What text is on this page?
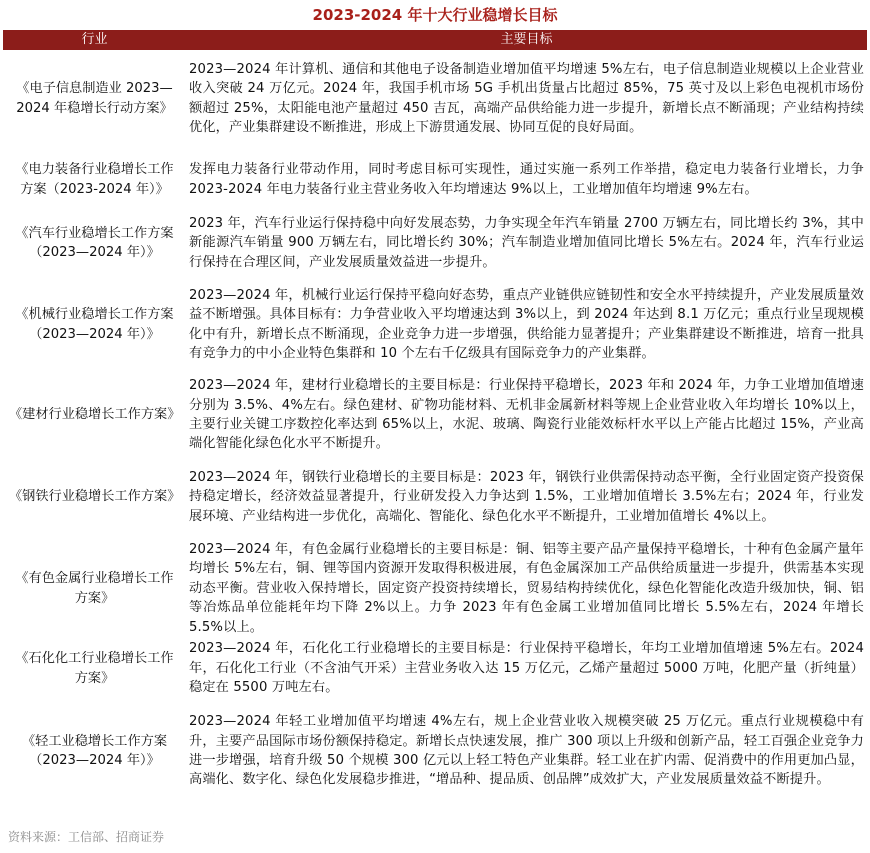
2023-2024 年十大行业稳增长目标
行业	主要目标
《电子信息制造业 2023—2024 年稳增长行动方案》	2023—2024 年计算机、通信和其他电子设备制造业增加值平均增速 5%左右，电子信息制造业规模以上企业营业收入突破 24 万亿元。2024 年，我国手机市场 5G 手机出货量占比超过 85%，75 英寸及以上彩色电视机市场份额超过 25%，太阳能电池产量超过 450 吉瓦，高端产品供给能力进一步提升，新增长点不断涌现；产业结构持续优化，产业集群建设不断推进，形成上下游贯通发展、协同互促的良好局面。
《电力装备行业稳增长工作方案（2023-2024 年）》	发挥电力装备行业带动作用，同时考虑目标可实现性，通过实施一系列工作举措，稳定电力装备行业增长，力争 2023-2024 年电力装备行业主营业务收入年均增速达 9%以上，工业增加值年均增速 9%左右。
《汽车行业稳增长工作方案（2023—2024 年）》	2023 年，汽车行业运行保持稳中向好发展态势，力争实现全年汽车销量 2700 万辆左右，同比增长约 3%，其中新能源汽车销量 900 万辆左右，同比增长约 30%；汽车制造业增加值同比增长 5%左右。2024 年，汽车行业运行保持在合理区间，产业发展质量效益进一步提升。
《机械行业稳增长工作方案（2023—2024 年）》	2023—2024 年，机械行业运行保持平稳向好态势，重点产业链供应链韧性和安全水平持续提升，产业发展质量效益不断增强。具体目标有：力争营业收入平均增速达到 3%以上，到 2024 年达到 8.1 万亿元；重点行业呈现规模化中有升，新增长点不断涌现，企业竞争力进一步增强，供给能力显著提升；产业集群建设不断推进，培育一批具有竞争力的中小企业特色集群和 10 个左右千亿级具有国际竞争力的产业集群。
《建材行业稳增长工作方案》	2023—2024 年，建材行业稳增长的主要目标是：行业保持平稳增长，2023 年和 2024 年，力争工业增加值增速分别为 3.5%、4%左右。绿色建材、矿物功能材料、无机非金属新材料等规上企业营业收入年均增长 10%以上，主要行业关键工序数控化率达到 65%以上，水泥、玻璃、陶瓷行业能效标杆水平以上产能占比超过 15%，产业高端化智能化绿色化水平不断提升。
《钢铁行业稳增长工作方案》	2023—2024 年，钢铁行业稳增长的主要目标是：2023 年，钢铁行业供需保持动态平衡，全行业固定资产投资保持稳定增长，经济效益显著提升，行业研发投入力争达到 1.5%，工业增加值增长 3.5%左右；2024 年，行业发展环境、产业结构进一步优化，高端化、智能化、绿色化水平不断提升，工业增加值增长 4%以上。
《有色金属行业稳增长工作方案》	2023—2024 年，有色金属行业稳增长的主要目标是：铜、铝等主要产品产量保持平稳增长，十种有色金属产量年均增长 5%左右，铜、锂等国内资源开发取得积极进展，有色金属深加工产品供给质量进一步提升，供需基本实现动态平衡。营业收入保持增长，固定资产投资持续增长，贸易结构持续优化，绿色化智能化改造升级加快，铜、铝等冶炼品单位能耗年均下降 2%以上。力争 2023 年有色金属工业增加值同比增长 5.5%左右，2024 年增长 5.5%以上。
《石化化工行业稳增长工作方案》	2023—2024 年，石化化工行业稳增长的主要目标是：行业保持平稳增长，年均工业增加值增速 5%左右。2024 年，石化化工行业（不含油气开采）主营业务收入达 15 万亿元，乙烯产量超过 5000 万吨，化肥产量（折纯量）稳定在 5500 万吨左右。
《轻工业稳增长工作方案（2023—2024 年）》	2023—2024 年轻工业增加值平均增速 4%左右，规上企业营业收入规模突破 25 万亿元。重点行业规模稳中有升，主要产品国际市场份额保持稳定。新增长点快速发展，推广 300 项以上升级和创新产品，轻工百强企业竞争力进一步增强，培育升级 50 个规模 300 亿元以上轻工特色产业集群。轻工业在扩内需、促消费中的作用更加凸显，高端化、数字化、绿色化发展稳步推进，“增品种、提品质、创品牌”成效扩大，产业发展质量效益不断提升。
资料来源：工信部、招商证券
